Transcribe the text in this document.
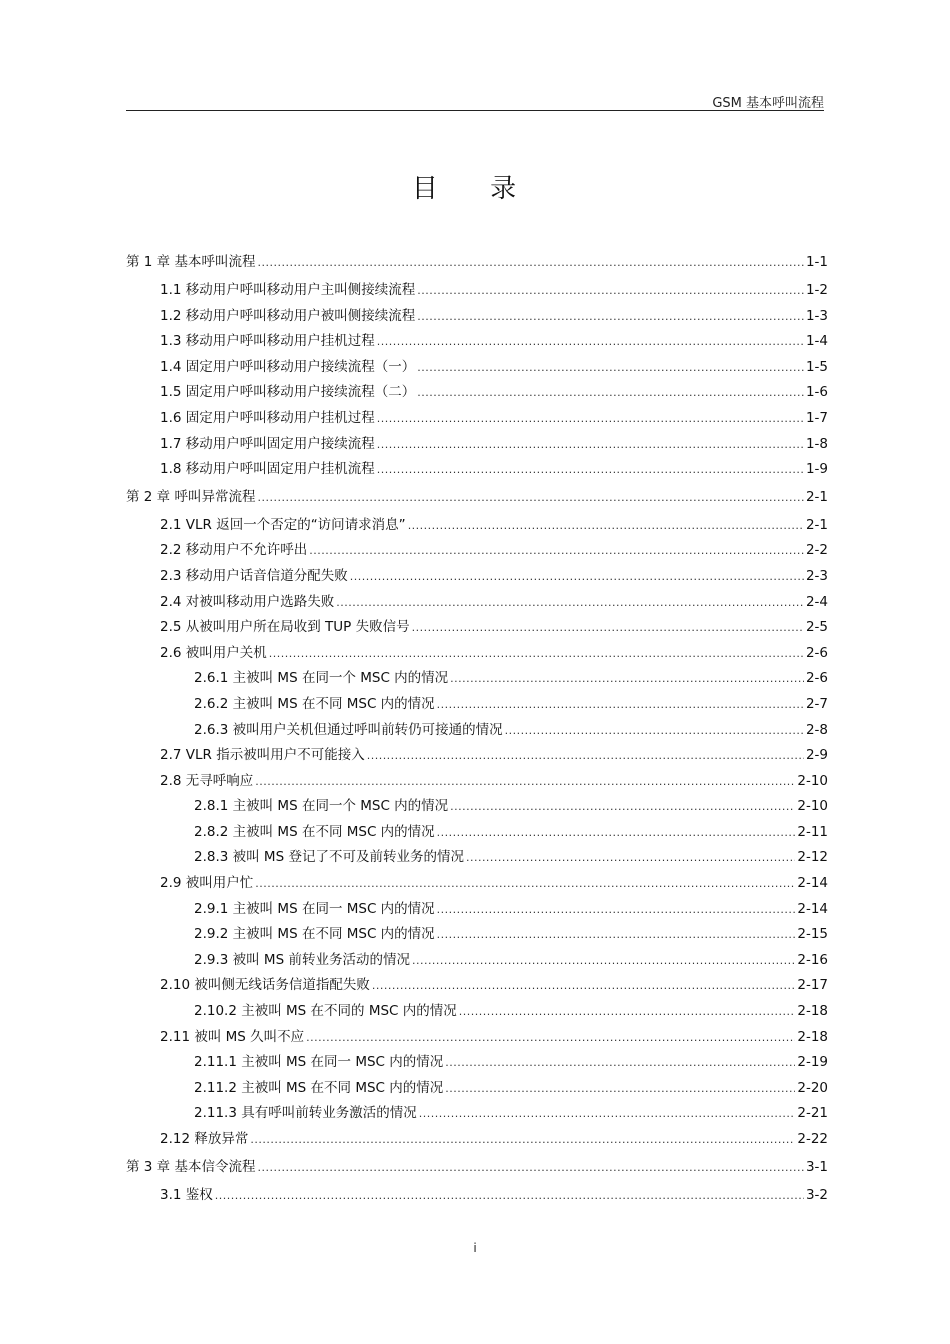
GSM 基本呼叫流程
目 录
第 1 章 基本呼叫流程 .....	1-1
1.1 移动用户呼叫移动用户主叫侧接续流程 .....	1-2
1.2 移动用户呼叫移动用户被叫侧接续流程 .....	1-3
1.3 移动用户呼叫移动用户挂机过程 .....	1-4
1.4 固定用户呼叫移动用户接续流程（一） .....	1-5
1.5 固定用户呼叫移动用户接续流程（二） .....	1-6
1.6 固定用户呼叫移动用户挂机过程 .....	1-7
1.7 移动用户呼叫固定用户接续流程 .....	1-8
1.8 移动用户呼叫固定用户挂机流程 .....	1-9
第 2 章 呼叫异常流程 .....	2-1
2.1 VLR 返回一个否定的“访问请求消息” .....	2-1
2.2 移动用户不允许呼出 .....	2-2
2.3 移动用户话音信道分配失败 .....	2-3
2.4 对被叫移动用户选路失败 .....	2-4
2.5 从被叫用户所在局收到 TUP 失败信号 .....	2-5
2.6 被叫用户关机 .....	2-6
2.6.1 主被叫 MS 在同一个 MSC 内的情况 .....	2-6
2.6.2 主被叫 MS 在不同 MSC 内的情况 .....	2-7
2.6.3 被叫用户关机但通过呼叫前转仍可接通的情况 .....	2-8
2.7 VLR 指示被叫用户不可能接入 .....	2-9
2.8 无寻呼响应 .....	2-10
2.8.1 主被叫 MS 在同一个 MSC 内的情况 .....	2-10
2.8.2 主被叫 MS 在不同 MSC 内的情况 .....	2-11
2.8.3 被叫 MS 登记了不可及前转业务的情况 .....	2-12
2.9 被叫用户忙 .....	2-14
2.9.1 主被叫 MS 在同一 MSC 内的情况 .....	2-14
2.9.2 主被叫 MS 在不同 MSC 内的情况 .....	2-15
2.9.3 被叫 MS 前转业务活动的情况 .....	2-16
2.10 被叫侧无线话务信道指配失败 .....	2-17
2.10.2 主被叫 MS 在不同的 MSC 内的情况 .....	2-18
2.11 被叫 MS 久叫不应 .....	2-18
2.11.1 主被叫 MS 在同一 MSC 内的情况 .....	2-19
2.11.2 主被叫 MS 在不同 MSC 内的情况 .....	2-20
2.11.3 具有呼叫前转业务激活的情况 .....	2-21
2.12 释放异常 .....	2-22
第 3 章 基本信令流程 .....	3-1
3.1 鉴权 .....	3-2
i
